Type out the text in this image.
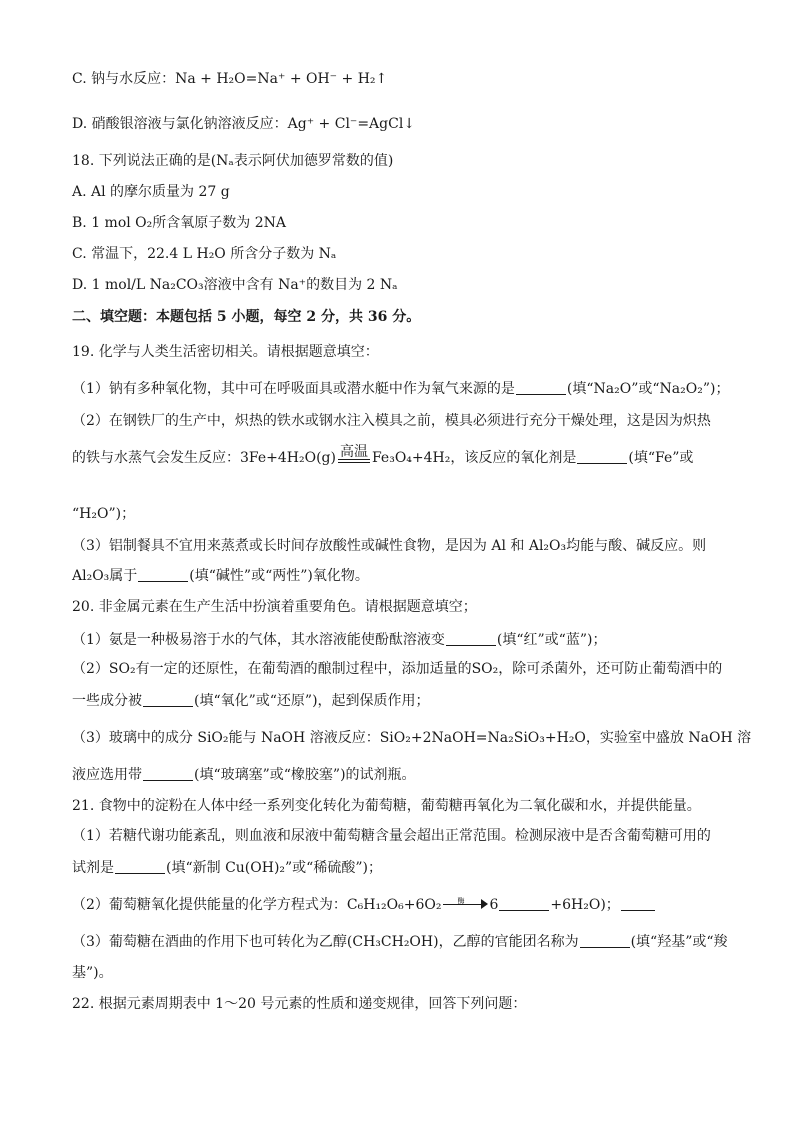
C. 钠与水反应：Na + H₂O=Na⁺ + OH⁻ + H₂↑
D. 硝酸银溶液与氯化钠溶液反应：Ag⁺ + Cl⁻=AgCl↓
18. 下列说法正确的是(Nₐ表示阿伏加德罗常数的值)
A. Al 的摩尔质量为 27 g
B. 1 mol O₂所含氧原子数为 2NA
C. 常温下，22.4 L H₂O 所含分子数为 Nₐ
D. 1 mol/L Na₂CO₃溶液中含有 Na⁺的数目为 2 Nₐ
二、填空题：本题包括 5 小题，每空 2 分，共 36 分。
19. 化学与人类生活密切相关。请根据题意填空：
（1）钠有多种氧化物，其中可在呼吸面具或潜水艇中作为氧气来源的是	(填“Na₂O”或“Na₂O₂”)；
（2）在钢铁厂的生产中，炽热的铁水或钢水注入模具之前，模具必须进行充分干燥处理，这是因为炽热
的铁与水蒸气会发生反应：3Fe+4H₂O(g) 高温 Fe₃O₄+4H₂，该反应的氧化剂是	(填“Fe”或
“H₂O”)；
（3）铝制餐具不宜用来蒸煮或长时间存放酸性或碱性食物，是因为 Al 和 Al₂O₃均能与酸、碱反应。则
Al₂O₃属于	(填“碱性”或“两性”)氧化物。
20. 非金属元素在生产生活中扮演着重要角色。请根据题意填空；
（1）氨是一种极易溶于水的气体，其水溶液能使酚酞溶液变	(填“红”或“蓝”)；
（2）SO₂有一定的还原性，在葡萄酒的酿制过程中，添加适量的SO₂，除可杀菌外，还可防止葡萄酒中的
一些成分被	(填“氧化”或“还原”)，起到保质作用；
（3）玻璃中的成分 SiO₂能与 NaOH 溶液反应：SiO₂+2NaOH=Na₂SiO₃+H₂O，实验室中盛放 NaOH 溶
液应选用带	(填“玻璃塞”或“橡胶塞”)的试剂瓶。
21. 食物中的淀粉在人体中经一系列变化转化为葡萄糖，葡萄糖再氧化为二氧化碳和水，并提供能量。
（1）若糖代谢功能紊乱，则血液和尿液中葡萄糖含量会超出正常范围。检测尿液中是否含葡萄糖可用的
试剂是	(填“新制 Cu(OH)₂”或“稀硫酸”)；
（2）葡萄糖氧化提供能量的化学方程式为：C₆H₁₂O₆+6O₂ 酶 6	+6H₂O)；
（3）葡萄糖在酒曲的作用下也可转化为乙醇(CH₃CH₂OH)，乙醇的官能团名称为	(填“羟基”或“羧
基”)。
22. 根据元素周期表中 1～20 号元素的性质和递变规律，回答下列问题：
